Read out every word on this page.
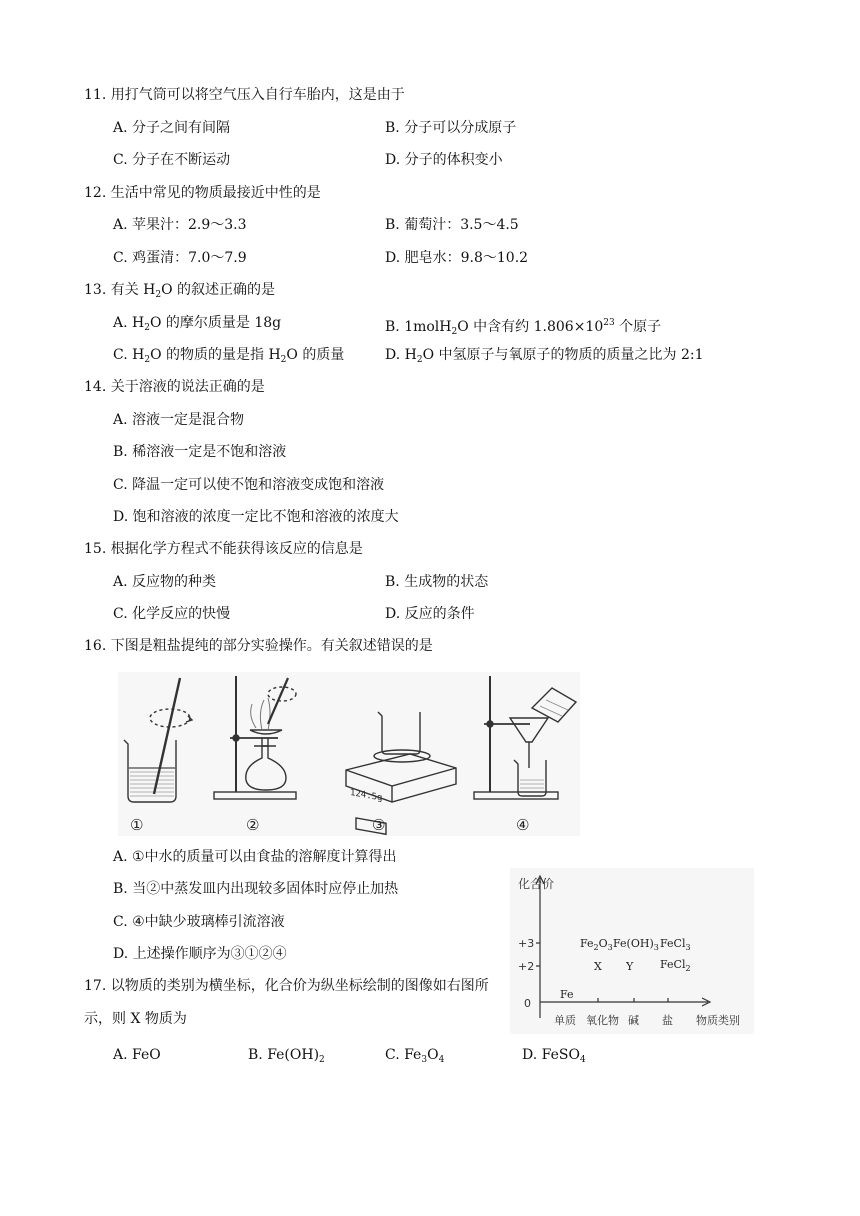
11. 用打气筒可以将空气压入自行车胎内，这是由于
A. 分子之间有间隔	B. 分子可以分成原子
C. 分子在不断运动	D. 分子的体积变小
12. 生活中常见的物质最接近中性的是
A. 苹果汁：2.9～3.3	B. 葡萄汁：3.5～4.5
C. 鸡蛋清：7.0～7.9	D. 肥皂水：9.8～10.2
13. 有关 $H_2O$ 的叙述正确的是
A. $H_2O$ 的摩尔质量是 18g	B. 1molH$_2$O 中含有约 $1.806\times 10^{23}$ 个原子
C. $H_2O$ 的物质的量是指 $H_2O$ 的质量	D. $H_2O$ 中氢原子与氧原子的物质的质量之比为 2:1
14. 关于溶液的说法正确的是
A. 溶液一定是混合物
B. 稀溶液一定是不饱和溶液
C. 降温一定可以使不饱和溶液变成饱和溶液
D. 饱和溶液的浓度一定比不饱和溶液的浓度大
15. 根据化学方程式不能获得该反应的信息是
A. 反应物的种类	B. 生成物的状态
C. 化学反应的快慢	D. 反应的条件
16. 下图是粗盐提纯的部分实验操作。有关叙述错误的是
124.5g
①	②	③	④
A. ①中水的质量可以由食盐的溶解度计算得出
B. 当②中蒸发皿内出现较多固体时应停止加热
C. ④中缺少玻璃棒引流溶液
D. 上述操作顺序为③①②④
17. 以物质的类别为横坐标，化合价为纵坐标绘制的图像如右图所
示，则 X 物质为
化合价
+3
+2
0
单质 氧化物 碱 盐 物质类别
Fe
$Fe_2O_3$ $Fe(OH)_3$ FeCl$_3$
X Y FeCl$_2$
A. FeO	B. $Fe(OH)_2$	C. $Fe_3O_4$	D. FeSO$_4$
